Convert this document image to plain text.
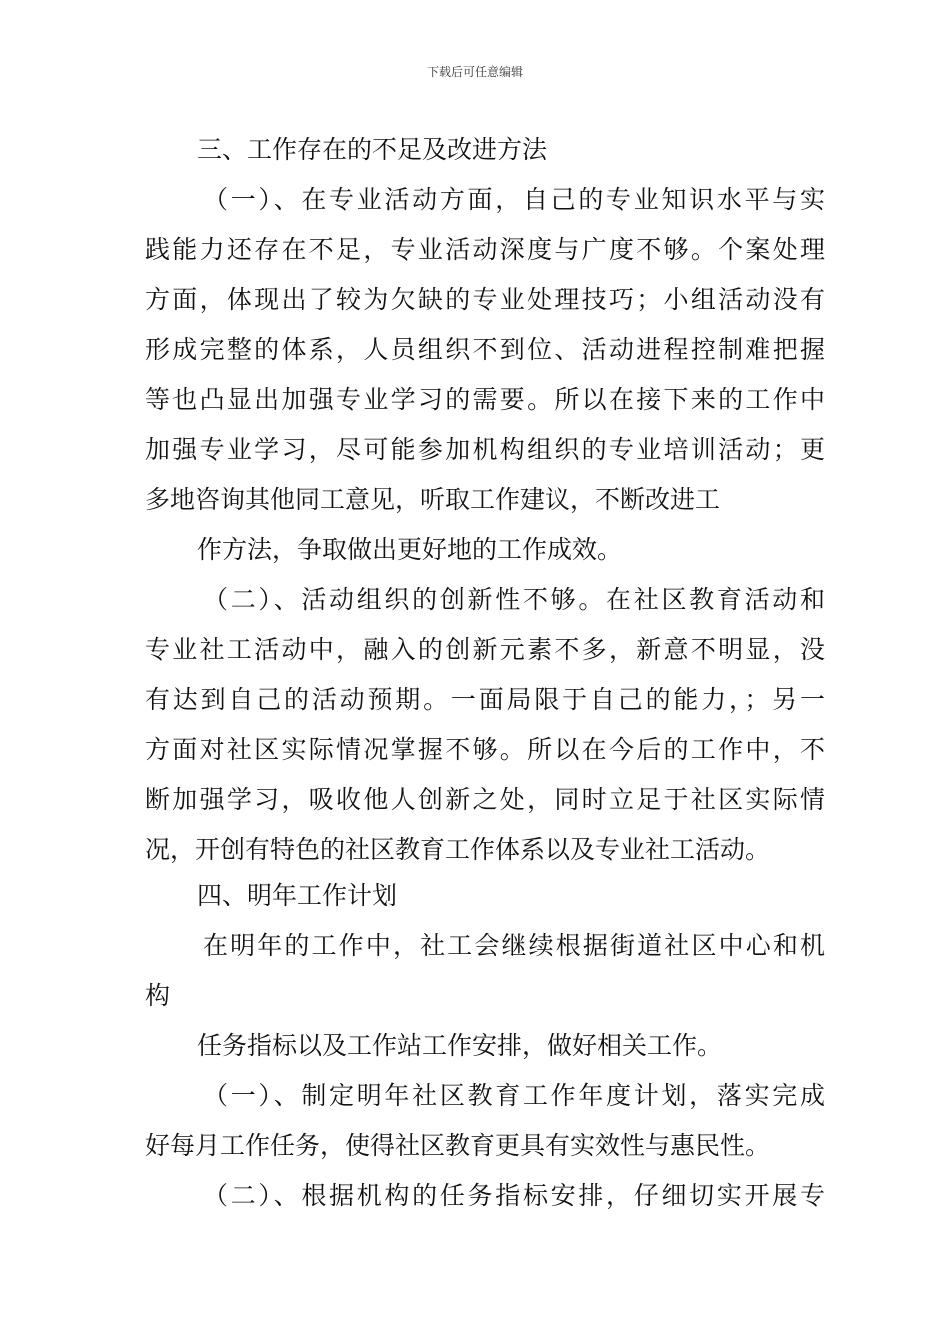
下载后可任意编辑
三、工作存在的不足及改进方法
（一）、在专业活动方面，自己的专业知识水平与实
践能力还存在不足，专业活动深度与广度不够。个案处理
方面，体现出了较为欠缺的专业处理技巧；小组活动没有
形成完整的体系，人员组织不到位、活动进程控制难把握
等也凸显出加强专业学习的需要。所以在接下来的工作中
加强专业学习，尽可能参加机构组织的专业培训活动；更
多地咨询其他同工意见，听取工作建议，不断改进工
作方法，争取做出更好地的工作成效。
（二）、活动组织的创新性不够。在社区教育活动和
专业社工活动中，融入的创新元素不多，新意不明显，没
有达到自己的活动预期。一面局限于自己的能力，；另一
方面对社区实际情况掌握不够。所以在今后的工作中，不
断加强学习，吸收他人创新之处，同时立足于社区实际情
况，开创有特色的社区教育工作体系以及专业社工活动。
四、明年工作计划
在明年的工作中，社工会继续根据街道社区中心和机
构
任务指标以及工作站工作安排，做好相关工作。
（一）、制定明年社区教育工作年度计划，落实完成
好每月工作任务，使得社区教育更具有实效性与惠民性。
（二）、根据机构的任务指标安排，仔细切实开展专
